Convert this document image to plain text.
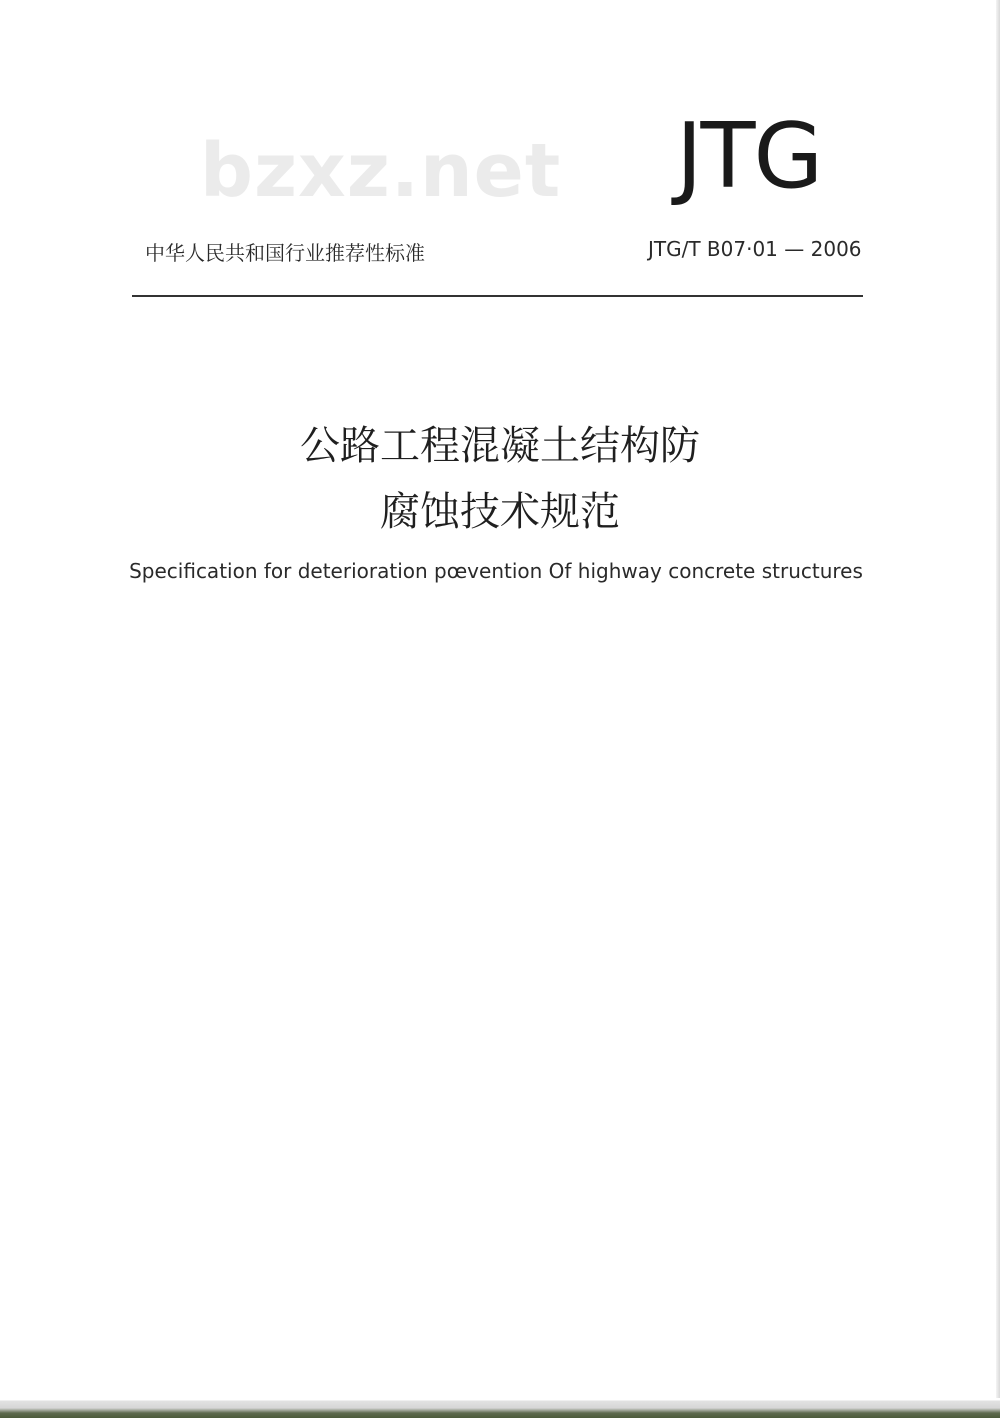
bzxz.net JTG
中华人民共和国行业推荐性标准	JTG/T B07·01 — 2006
公路工程混凝土结构防
腐蚀技术规范
Specification for deterioration pœvention Of highway concrete structures
